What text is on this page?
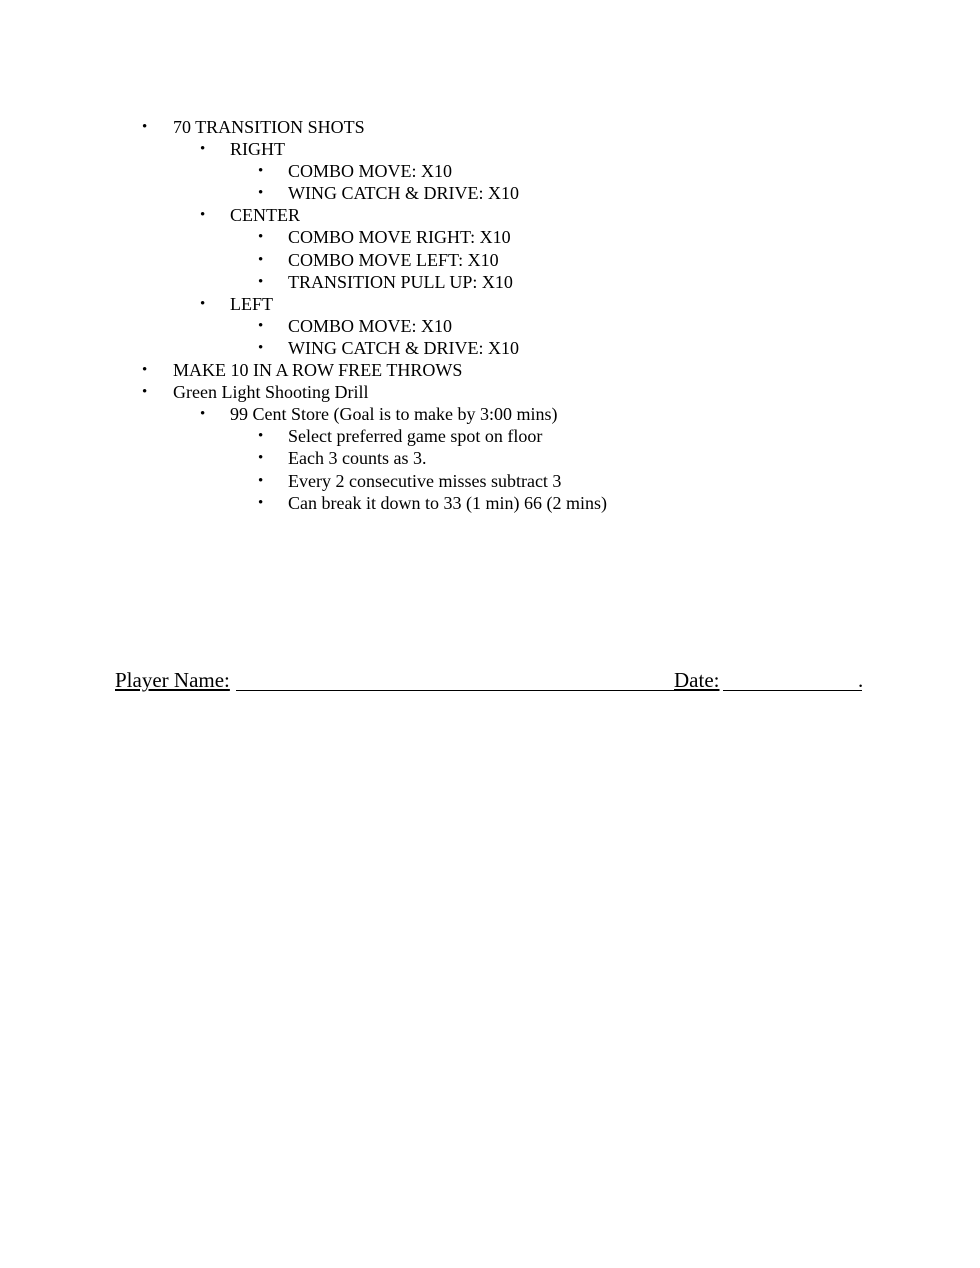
• 70 TRANSITION SHOTS
• RIGHT
• COMBO MOVE: X10
• WING CATCH & DRIVE: X10
• CENTER
• COMBO MOVE RIGHT: X10
• COMBO MOVE LEFT: X10
• TRANSITION PULL UP: X10
• LEFT
• COMBO MOVE: X10
• WING CATCH & DRIVE: X10
• MAKE 10 IN A ROW FREE THROWS
• Green Light Shooting Drill
• 99 Cent Store (Goal is to make by 3:00 mins)
• Select preferred game spot on floor
• Each 3 counts as 3.
• Every 2 consecutive misses subtract 3
• Can break it down to 33 (1 min) 66 (2 mins)
Player Name:	Date:	.
